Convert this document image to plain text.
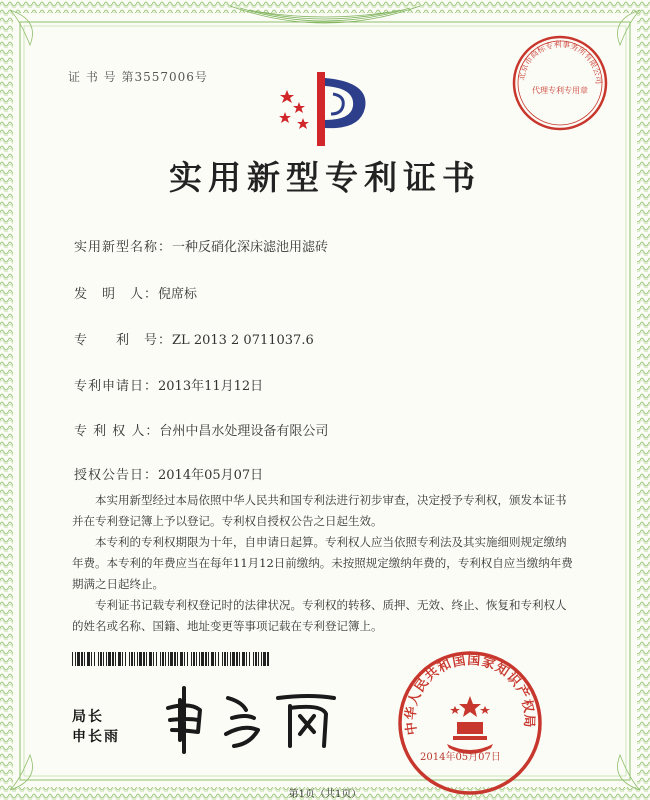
证 书 号 第3557006号	北京市商标专利事务所有限公司
代理专利专用章
实用新型专利证书
实用新型名称：一种反硝化深床滤池用滤砖
发　明　人：倪席标
专　　利　号：ZL 2013 2 0711037.6
专利申请日：2013年11月12日
专 利 权 人：台州中昌水处理设备有限公司
授权公告日：2014年05月07日

本实用新型经过本局依照中华人民共和国专利法进行初步审查，决定授予专利权，颁发本证书并在专利登记簿上予以登记。专利权自授权公告之日起生效。

本专利的专利权期限为十年，自申请日起算。专利权人应当依照专利法及其实施细则规定缴纳年费。本专利的年费应当在每年11月12日前缴纳。未按照规定缴纳年费的，专利权自应当缴纳年费期满之日起终止。

专利证书记载专利权登记时的法律状况。专利权的转移、质押、无效、终止、恢复和专利权人的姓名或名称、国籍、地址变更等事项记载在专利登记簿上。

局长
申长雨
中华人民共和国国家知识产权局
2014年05月07日
第1页（共1页）
